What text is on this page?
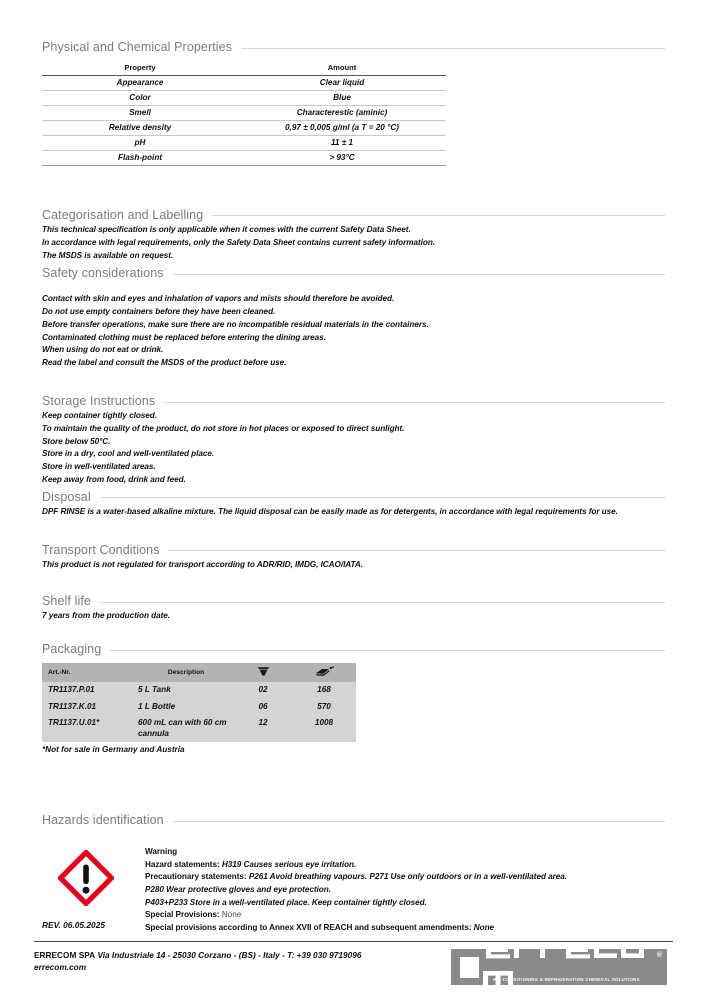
Physical and Chemical Properties
Property	Amount
Appearance	Clear liquid
Color	Blue
Smell	Characterestic (aminic)
Relative density	0,97 ± 0,005 g/ml (a T = 20 °C)
pH	11 ± 1
Flash-point	> 93°C
Categorisation and Labelling
This technical specification is only applicable when it comes with the current Safety Data Sheet.
In accordance with legal requirements, only the Safety Data Sheet contains current safety information.
The MSDS is available on request.
Safety considerations
Contact with skin and eyes and inhalation of vapors and mists should therefore be avoided.
Do not use empty containers before they have been cleaned.
Before transfer operations, make sure there are no incompatible residual materials in the containers.
Contaminated clothing must be replaced before entering the dining areas.
When using do not eat or drink.
Read the label and consult the MSDS of the product before use.
Storage Instructions
Keep container tightly closed.
To maintain the quality of the product, do not store in hot places or exposed to direct sunlight.
Store below 50°C.
Store in a dry, cool and well-ventilated place.
Store in well-ventilated areas.
Keep away from food, drink and feed.
Disposal
DPF RINSE is a water-based alkaline mixture. The liquid disposal can be easily made as for detergents, in accordance with legal requirements for use.
Transport Conditions
This product is not regulated for transport according to ADR/RID, IMDG, ICAO/IATA.
Shelf life
7 years from the production date.
Packaging
Art.-Nr.	Description		
TR1137.P.01	5 L Tank	02	168
TR1137.K.01	1 L Bottle	06	570
TR1137.U.01*	600 mL can with 60 cm cannula	12	1008
*Not for sale in Germany and Austria
Hazards identification
Warning
Hazard statements: H319 Causes serious eye irritation.
Precautionary statements: P261 Avoid breathing vapours. P271 Use only outdoors or in a well-ventilated area.
P280 Wear protective gloves and eye protection.
P403+P233 Store in a well-ventilated place. Keep container tightly closed.
Special Provisions: None
Special provisions according to Annex XVII of REACH and subsequent amendments: None
REV. 06.05.2025
ERRECOM SPA Via Industriale 14 - 25030 Corzano - (BS) - Italy - T: +39 030 9719096
errecom.com

®
AIR CONDITIONING & REFRIGERATION CHEMICAL SOLUTIONS
